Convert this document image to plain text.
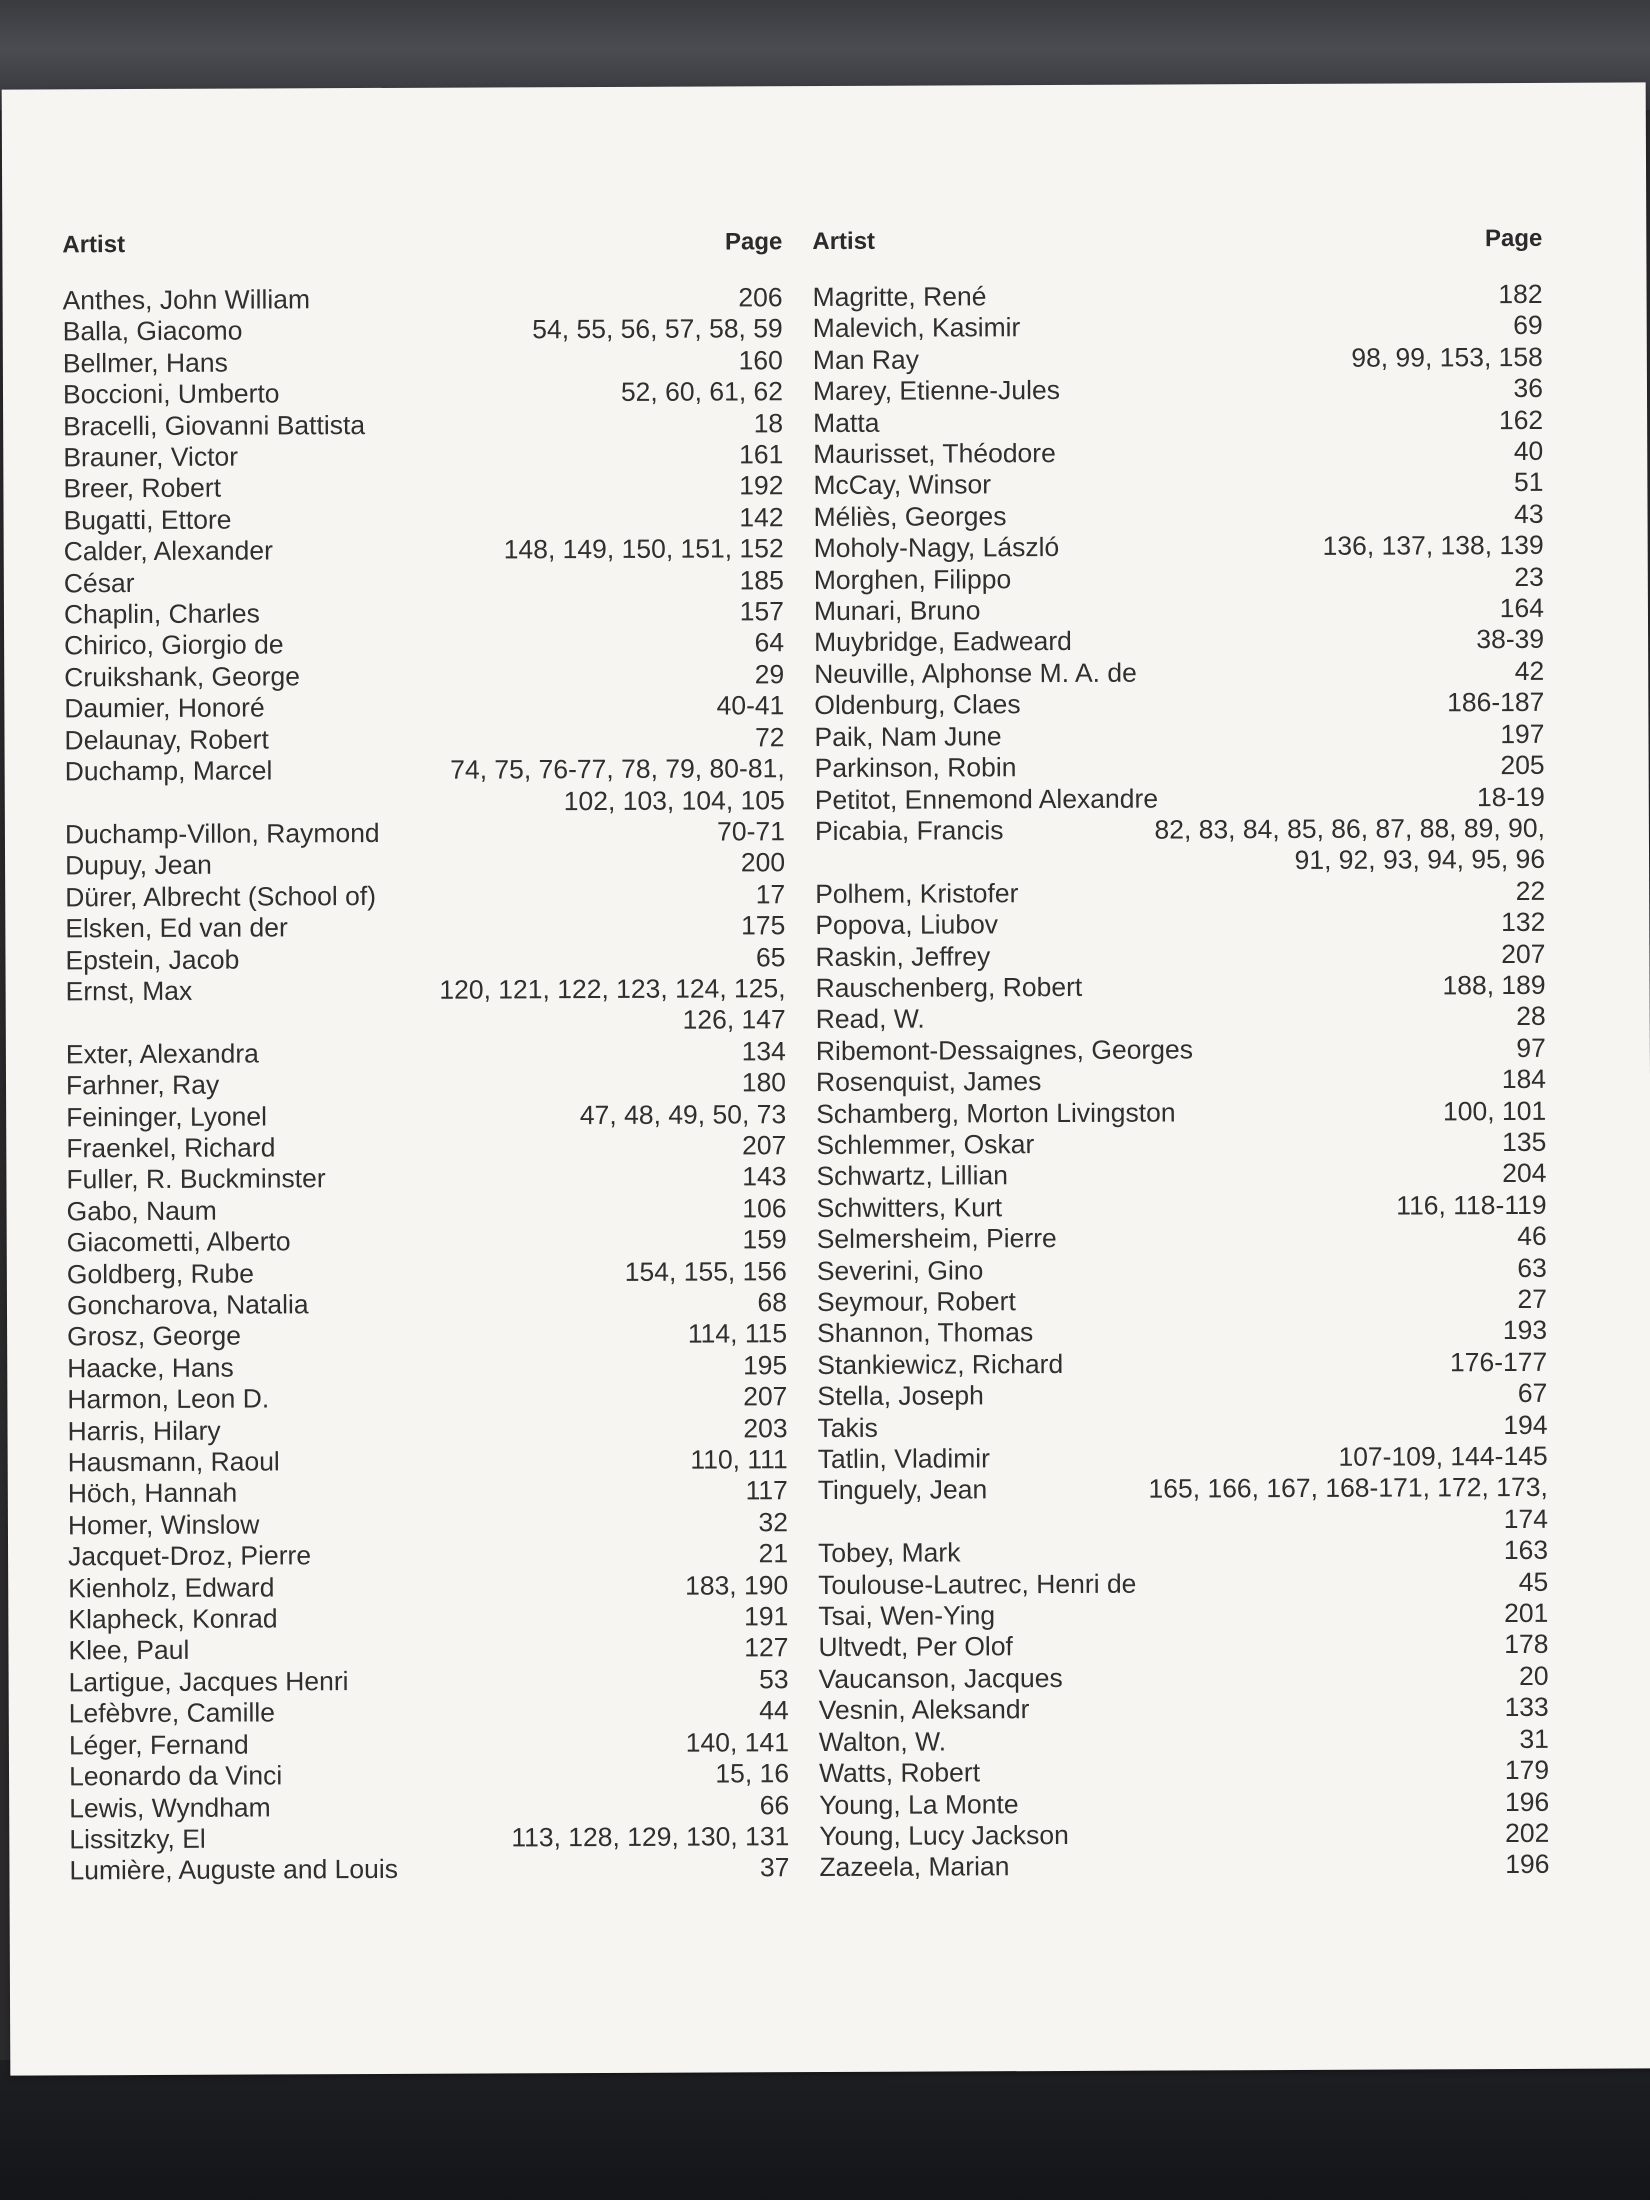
Artist	Page
Anthes, John William	206
Balla, Giacomo	54, 55, 56, 57, 58, 59
Bellmer, Hans	160
Boccioni, Umberto	52, 60, 61, 62
Bracelli, Giovanni Battista	18
Brauner, Victor	161
Breer, Robert	192
Bugatti, Ettore	142
Calder, Alexander	148, 149, 150, 151, 152
César	185
Chaplin, Charles	157
Chirico, Giorgio de	64
Cruikshank, George	29
Daumier, Honoré	40-41
Delaunay, Robert	72
Duchamp, Marcel	74, 75, 76-77, 78, 79, 80-81, 102, 103, 104, 105
Duchamp-Villon, Raymond	70-71
Dupuy, Jean	200
Dürer, Albrecht (School of)	17
Elsken, Ed van der	175
Epstein, Jacob	65
Ernst, Max	120, 121, 122, 123, 124, 125, 126, 147
Exter, Alexandra	134
Farhner, Ray	180
Feininger, Lyonel	47, 48, 49, 50, 73
Fraenkel, Richard	207
Fuller, R. Buckminster	143
Gabo, Naum	106
Giacometti, Alberto	159
Goldberg, Rube	154, 155, 156
Goncharova, Natalia	68
Grosz, George	114, 115
Haacke, Hans	195
Harmon, Leon D.	207
Harris, Hilary	203
Hausmann, Raoul	110, 111
Höch, Hannah	117
Homer, Winslow	32
Jacquet-Droz, Pierre	21
Kienholz, Edward	183, 190
Klapheck, Konrad	191
Klee, Paul	127
Lartigue, Jacques Henri	53
Lefèbvre, Camille	44
Léger, Fernand	140, 141
Leonardo da Vinci	15, 16
Lewis, Wyndham	66
Lissitzky, El	113, 128, 129, 130, 131
Lumière, Auguste and Louis	37
Artist	Page
Magritte, René	182
Malevich, Kasimir	69
Man Ray	98, 99, 153, 158
Marey, Etienne-Jules	36
Matta	162
Maurisset, Théodore	40
McCay, Winsor	51
Méliès, Georges	43
Moholy-Nagy, László	136, 137, 138, 139
Morghen, Filippo	23
Munari, Bruno	164
Muybridge, Eadweard	38-39
Neuville, Alphonse M. A. de	42
Oldenburg, Claes	186-187
Paik, Nam June	197
Parkinson, Robin	205
Petitot, Ennemond Alexandre	18-19
Picabia, Francis	82, 83, 84, 85, 86, 87, 88, 89, 90, 91, 92, 93, 94, 95, 96
Polhem, Kristofer	22
Popova, Liubov	132
Raskin, Jeffrey	207
Rauschenberg, Robert	188, 189
Read, W.	28
Ribemont-Dessaignes, Georges	97
Rosenquist, James	184
Schamberg, Morton Livingston	100, 101
Schlemmer, Oskar	135
Schwartz, Lillian	204
Schwitters, Kurt	116, 118-119
Selmersheim, Pierre	46
Severini, Gino	63
Seymour, Robert	27
Shannon, Thomas	193
Stankiewicz, Richard	176-177
Stella, Joseph	67
Takis	194
Tatlin, Vladimir	107-109, 144-145
Tinguely, Jean	165, 166, 167, 168-171, 172, 173, 174
Tobey, Mark	163
Toulouse-Lautrec, Henri de	45
Tsai, Wen-Ying	201
Ultvedt, Per Olof	178
Vaucanson, Jacques	20
Vesnin, Aleksandr	133
Walton, W.	31
Watts, Robert	179
Young, La Monte	196
Young, Lucy Jackson	202
Zazeela, Marian	196
